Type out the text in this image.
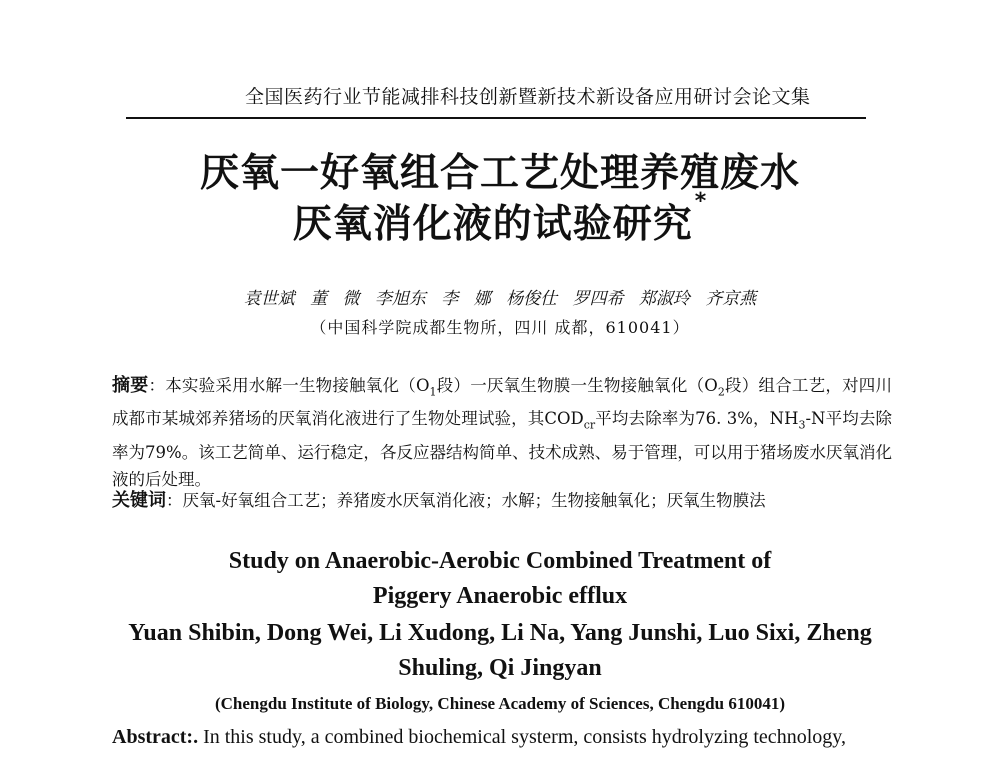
全国医药行业节能减排科技创新暨新技术新设备应用研讨会论文集
厌氧一好氧组合工艺处理养殖废水
厌氧消化液的试验研究*
袁世斌 董 微 李旭东 李 娜 杨俊仕 罗四希 郑淑玲 齐京燕
（中国科学院成都生物所，四川 成都，610041）
摘要：本实验采用水解一生物接触氧化（$O_1$段）一厌氧生物膜一生物接触氧化（$O_2$段）组合工艺，对四川成都市某城郊养猪场的厌氧消化液进行了生物处理试验，其$COD_{cr}$平均去除率为76. 3%，$NH_3-N$平均去除率为79%。该工艺简单、运行稳定，各反应器结构简单、技术成熟、易于管理，可以用于猪场废水厌氧消化液的后处理。
关键词：厌氧-好氧组合工艺；养猪废水厌氧消化液；水解；生物接触氧化；厌氧生物膜法
Study on Anaerobic-Aerobic Combined Treatment of
Piggery Anaerobic efflux
Yuan Shibin, Dong Wei, Li Xudong, Li Na, Yang Junshi, Luo Sixi, Zheng
Shuling, Qi Jingyan
(Chengdu Institute of Biology, Chinese Academy of Sciences, Chengdu 610041)
Abstract:. In this study, a combined biochemical systerm, consists hydrolyzing technology,
